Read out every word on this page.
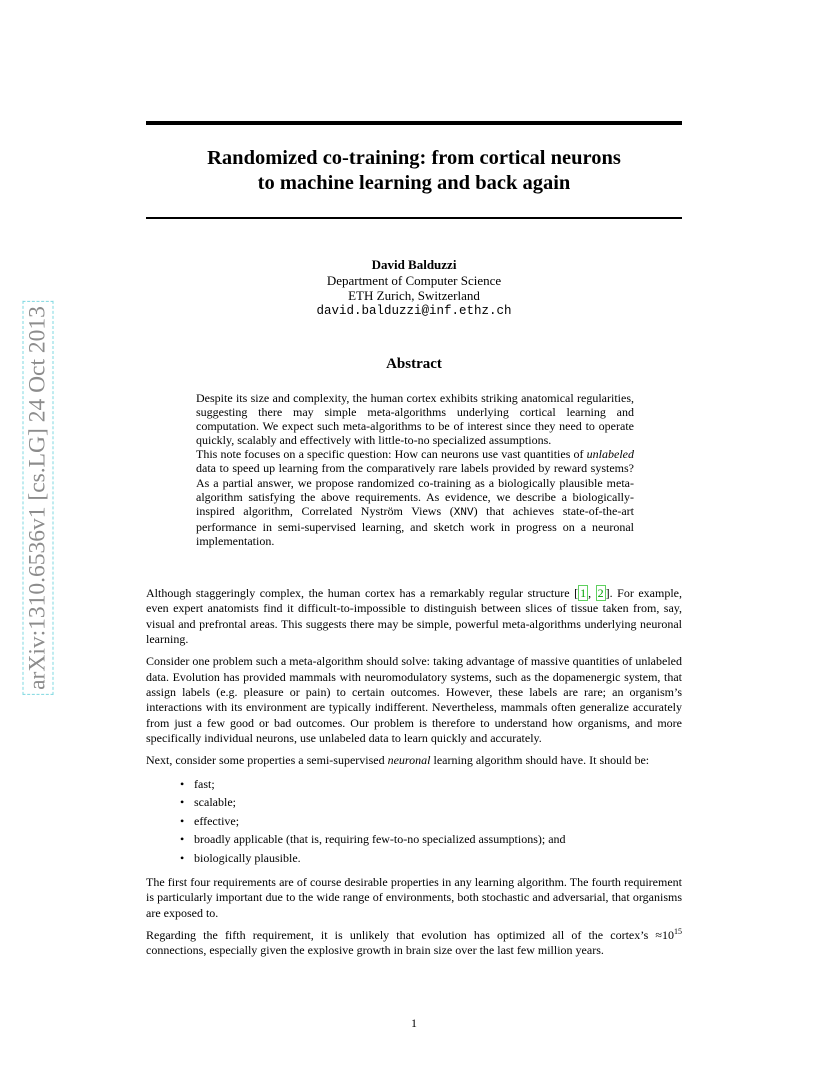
arXiv:1310.6536v1 [cs.LG] 24 Oct 2013
Randomized co-training: from cortical neurons
to machine learning and back again
David Balduzzi
Department of Computer Science
ETH Zurich, Switzerland
david.balduzzi@inf.ethz.ch
Abstract

Despite its size and complexity, the human cortex exhibits striking anatomical regularities, suggesting there may simple meta-algorithms underlying cortical learning and computation. We expect such meta-algorithms to be of interest since they need to operate quickly, scalably and effectively with little-to-no specialized assumptions.

This note focuses on a specific question: How can neurons use vast quantities of unlabeled data to speed up learning from the comparatively rare labels provided by reward systems? As a partial answer, we propose randomized co-training as a biologically plausible meta-algorithm satisfying the above requirements. As evidence, we describe a biologically-inspired algorithm, Correlated Nyström Views (XNV) that achieves state-of-the-art performance in semi-supervised learning, and sketch work in progress on a neuronal implementation.

Although staggeringly complex, the human cortex has a remarkably regular structure [ 1 , 2 ]. For example, even expert anatomists find it difficult-to-impossible to distinguish between slices of tissue taken from, say, visual and prefrontal areas. This suggests there may be simple, powerful meta-algorithms underlying neuronal learning.

Consider one problem such a meta-algorithm should solve: taking advantage of massive quantities of unlabeled data. Evolution has provided mammals with neuromodulatory systems, such as the dopamenergic system, that assign labels (e.g. pleasure or pain) to certain outcomes. However, these labels are rare; an organism’s interactions with its environment are typically indifferent. Nevertheless, mammals often generalize accurately from just a few good or bad outcomes. Our problem is therefore to understand how organisms, and more specifically individual neurons, use unlabeled data to learn quickly and accurately.

Next, consider some properties a semi-supervised neuronal learning algorithm should have. It should be:

• fast;
• scalable;
• effective;
• broadly applicable (that is, requiring few-to-no specialized assumptions); and
• biologically plausible.

The first four requirements are of course desirable properties in any learning algorithm. The fourth requirement is particularly important due to the wide range of environments, both stochastic and adversarial, that organisms are exposed to.

Regarding the fifth requirement, it is unlikely that evolution has optimized all of the cortex’s $\approx 10^{15}$ connections, especially given the explosive growth in brain size over the last few million years.

1
